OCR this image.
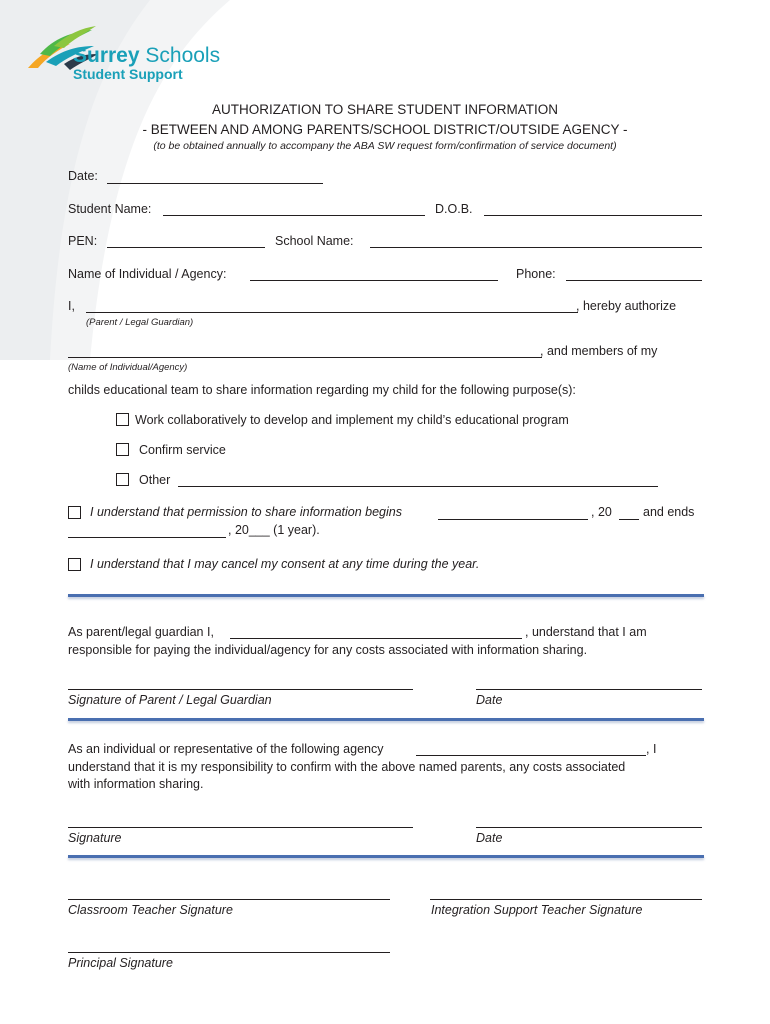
Surrey Schools
Student Support
AUTHORIZATION TO SHARE STUDENT INFORMATION
- BETWEEN AND AMONG PARENTS/SCHOOL DISTRICT/OUTSIDE AGENCY -
(to be obtained annually to accompany the ABA SW request form/confirmation of service document)
Date:
Student Name:	D.O.B.
PEN:	School Name:
Name of Individual / Agency:	Phone:
I,	, hereby authorize
(Parent / Legal Guardian)
, and members of my
(Name of Individual/Agency)
childs educational team to share information regarding my child for the following purpose(s):
Work collaboratively to develop and implement my child’s educational program
Confirm service
Other
I understand that permission to share information begins	, 20 and ends
, 20___ (1 year).
I understand that I may cancel my consent at any time during the year.
As parent/legal guardian I,	, understand that I am
responsible for paying the individual/agency for any costs associated with information sharing.
Signature of Parent / Legal Guardian	Date
As an individual or representative of the following agency	, I
understand that it is my responsibility to confirm with the above named parents, any costs associated
with information sharing.
Signature	Date
Classroom Teacher Signature	Integration Support Teacher Signature
Principal Signature
